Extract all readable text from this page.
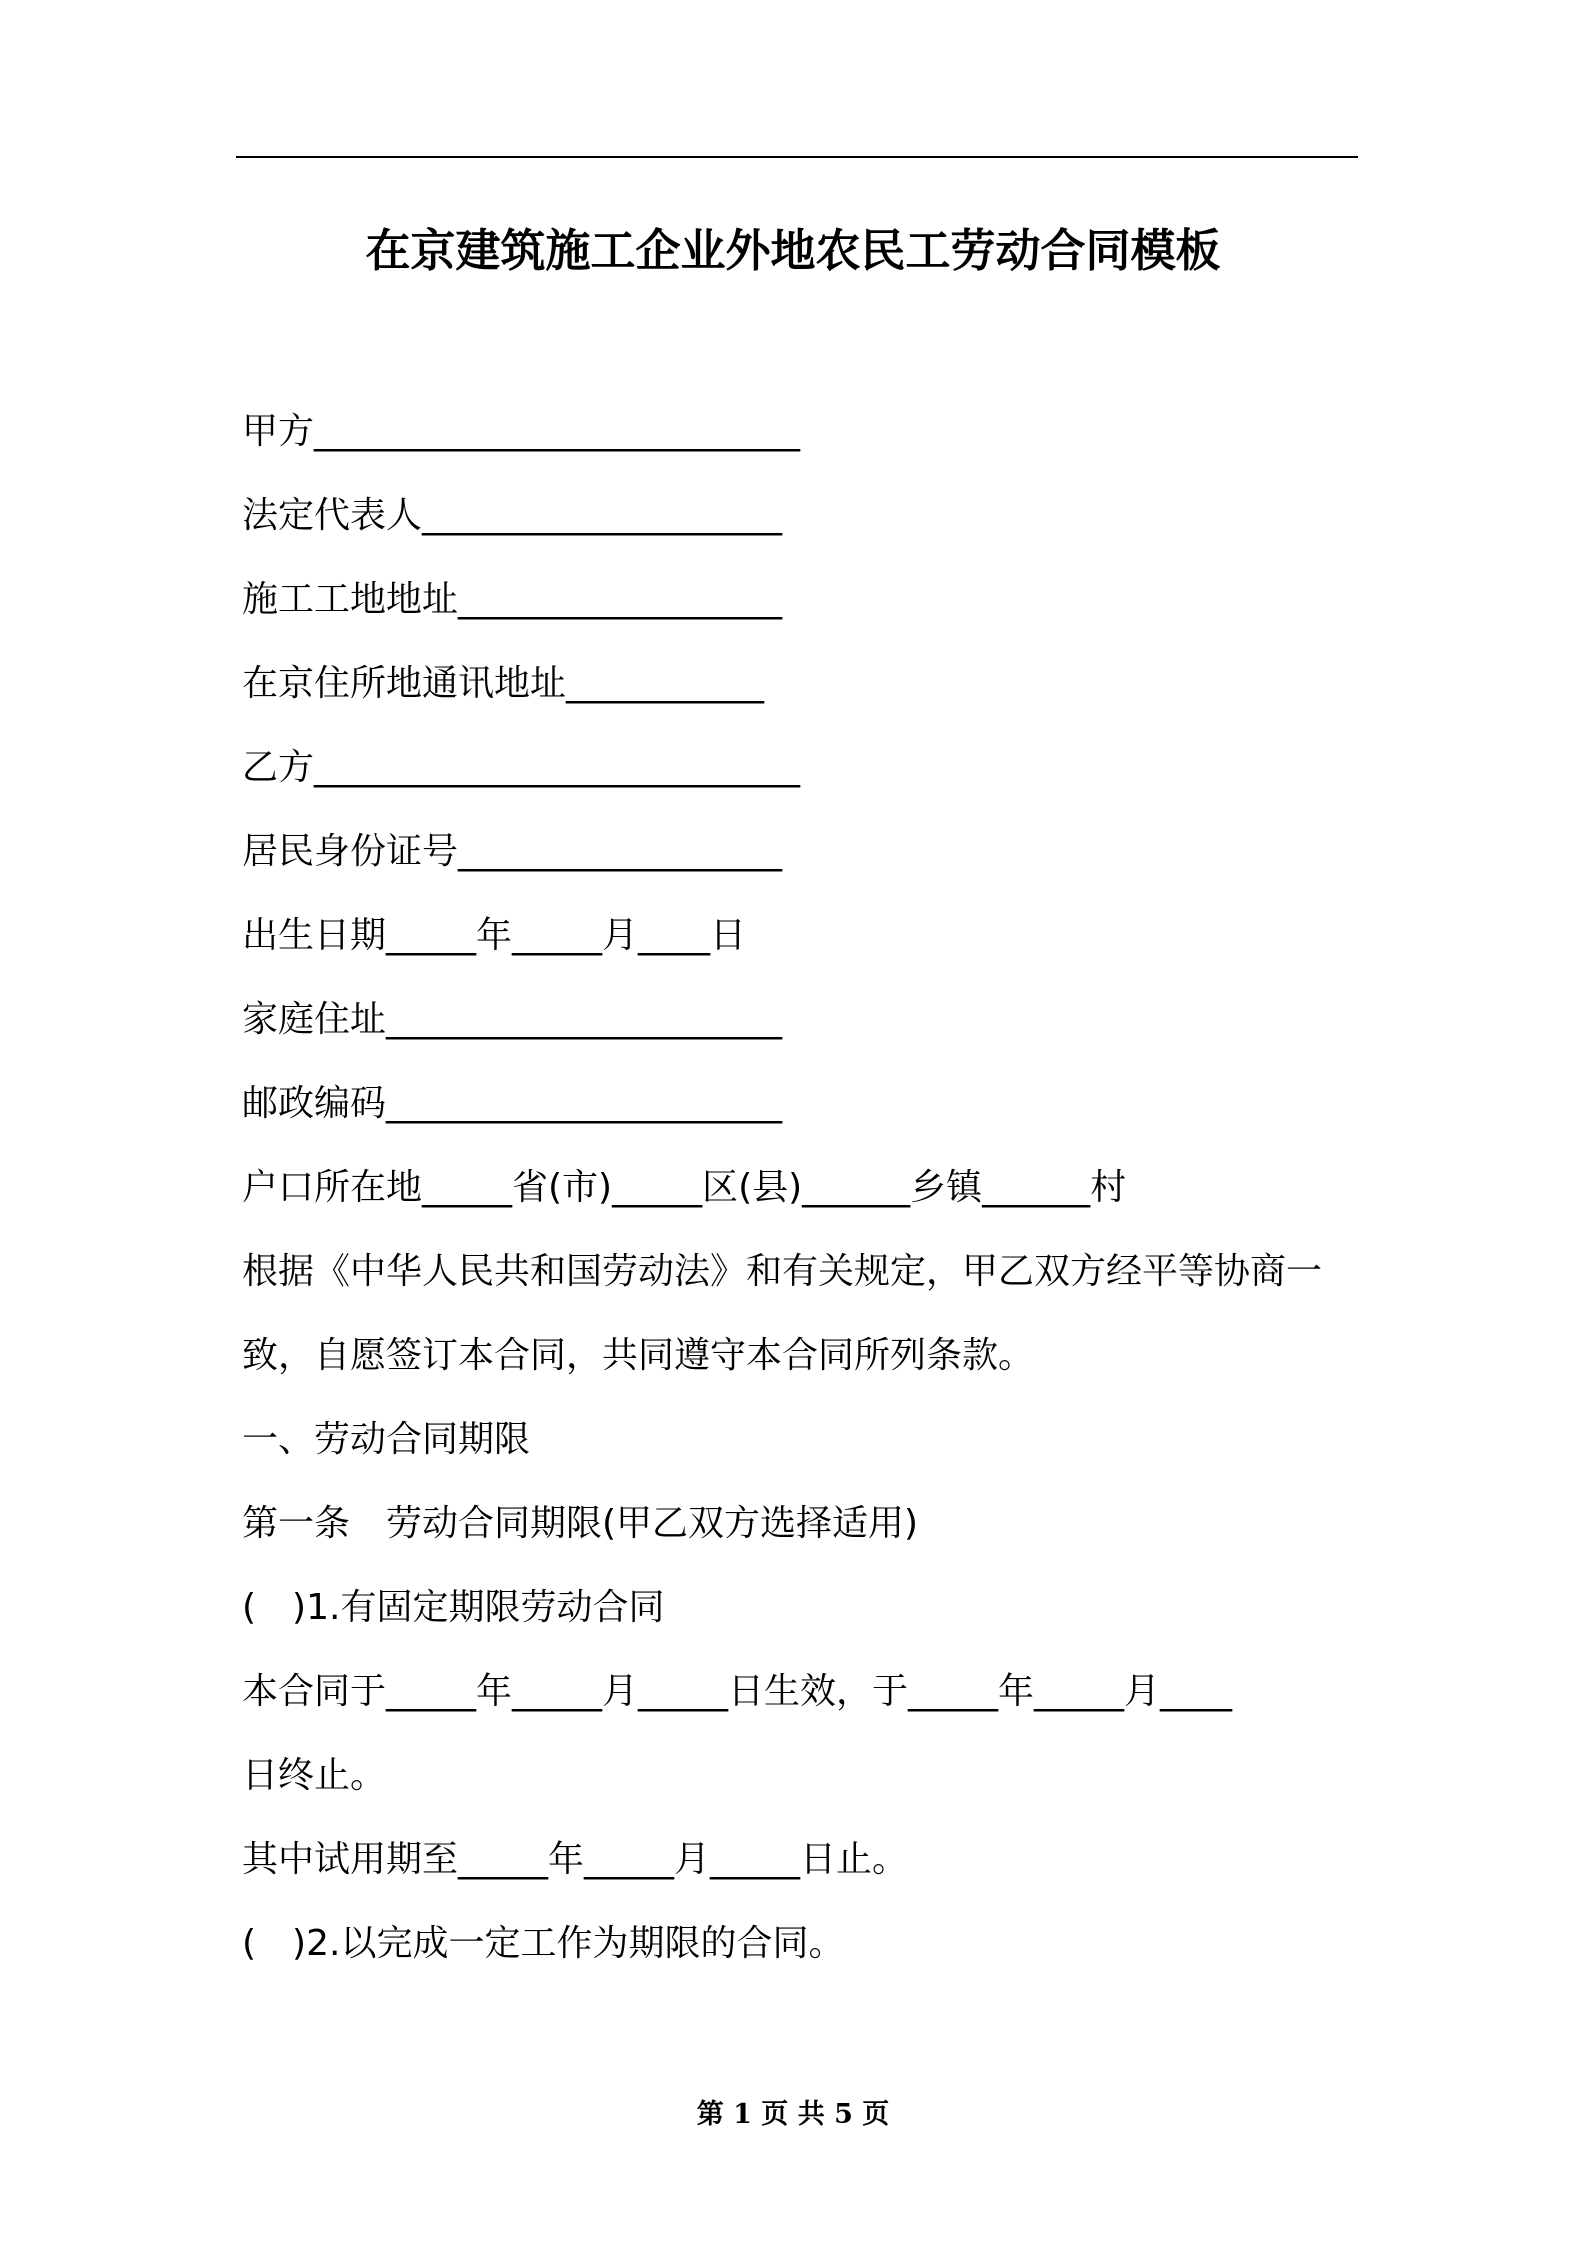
在京建筑施工企业外地农民工劳动合同模板
甲方___________________________
法定代表人____________________
施工工地地址__________________
在京住所地通讯地址___________
乙方___________________________
居民身份证号__________________
出生日期_____年_____月____日
家庭住址______________________
邮政编码______________________
户口所在地_____省(市)_____区(县)______乡镇______村
根据《中华人民共和国劳动法》和有关规定，甲乙双方经平等协商一
致，自愿签订本合同，共同遵守本合同所列条款。
一、劳动合同期限
第一条　劳动合同期限(甲乙双方选择适用)
(　)1.有固定期限劳动合同
本合同于_____年_____月_____日生效，于_____年_____月____
日终止。
其中试用期至_____年_____月_____日止。
(　)2.以完成一定工作为期限的合同。
第 1 页 共 5 页
